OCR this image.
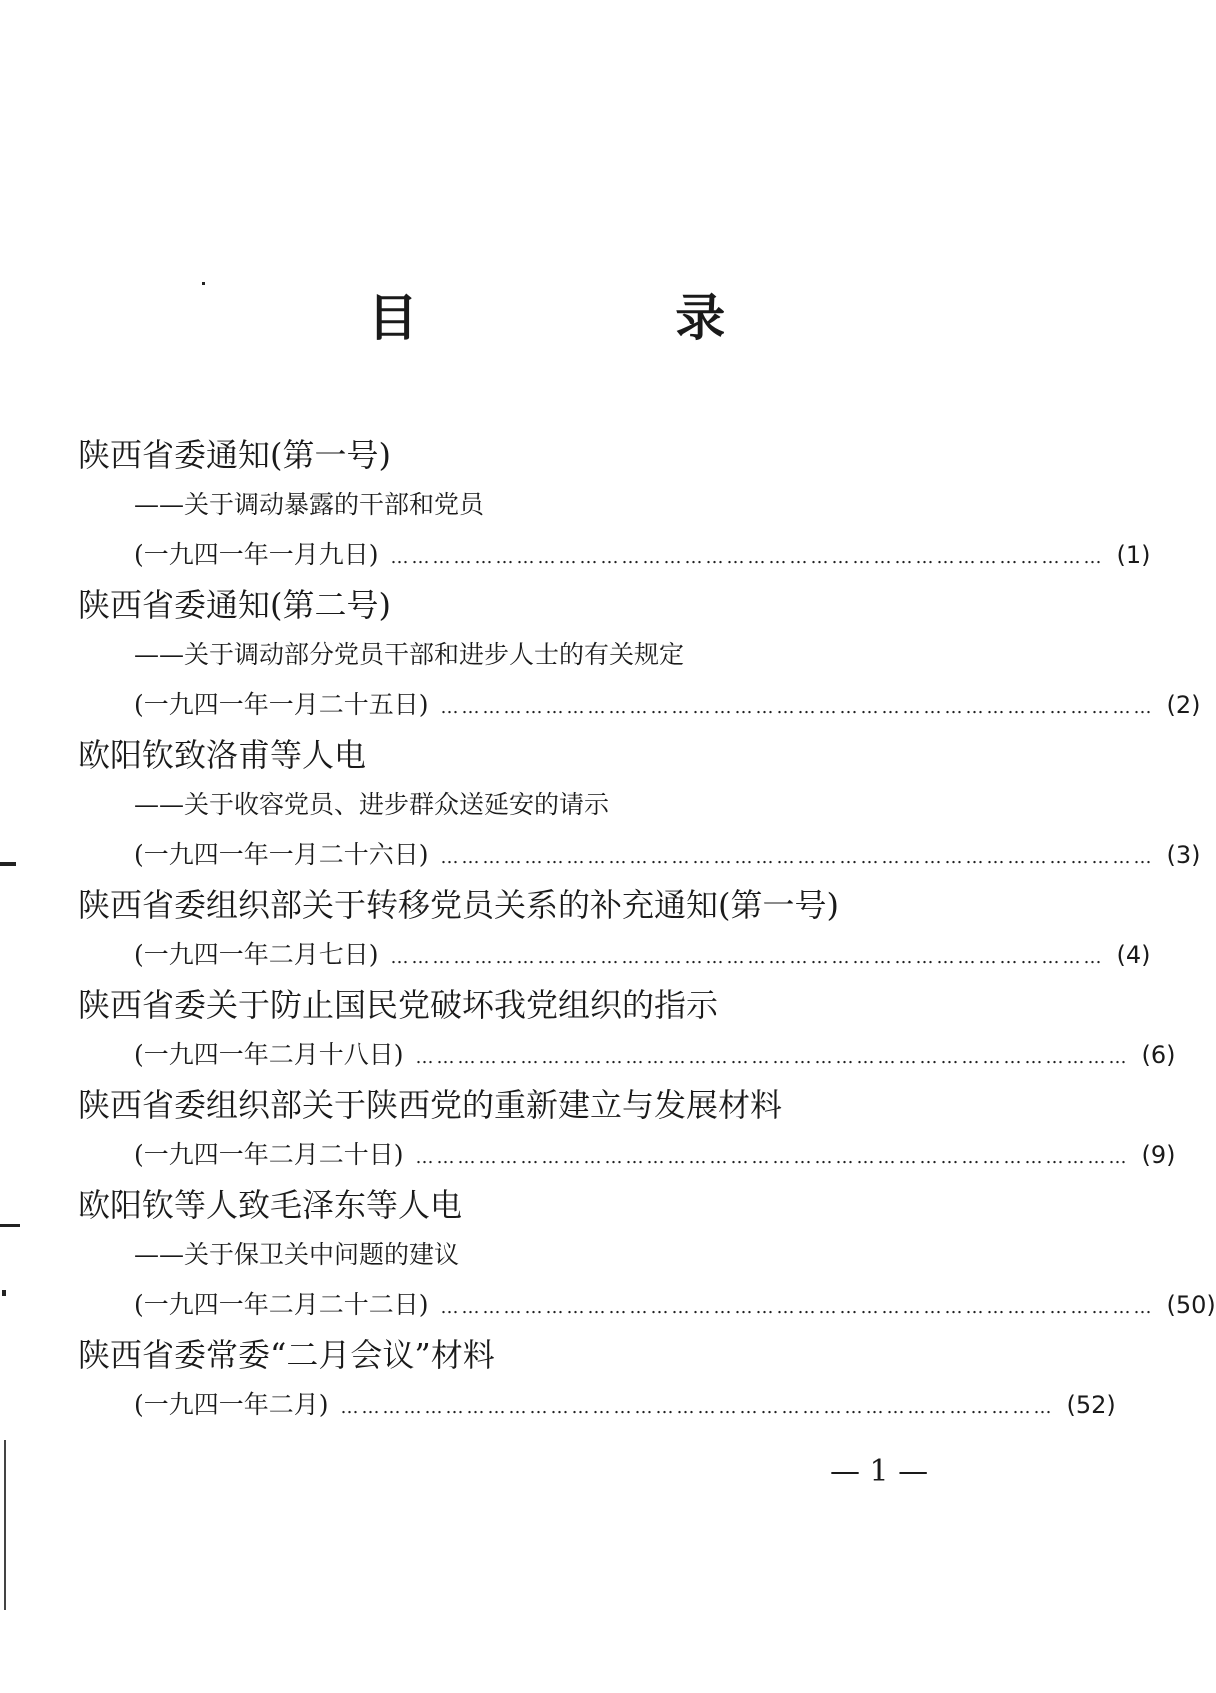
目 录
陕西省委通知(第一号)
——关于调动暴露的干部和党员
(一九四一年一月九日) ………………………………………………………………………………………… (1)
陕西省委通知(第二号)
——关于调动部分党员干部和进步人士的有关规定
(一九四一年一月二十五日) ………………………………………………………………………………………… (2)
欧阳钦致洛甫等人电
——关于收容党员、进步群众送延安的请示
(一九四一年一月二十六日) ………………………………………………………………………………………… (3)
陕西省委组织部关于转移党员关系的补充通知(第一号)
(一九四一年二月七日) ………………………………………………………………………………………… (4)
陕西省委关于防止国民党破坏我党组织的指示
(一九四一年二月十八日) ………………………………………………………………………………………… (6)
陕西省委组织部关于陕西党的重新建立与发展材料
(一九四一年二月二十日) ………………………………………………………………………………………… (9)
欧阳钦等人致毛泽东等人电
——关于保卫关中问题的建议
(一九四一年二月二十二日) ………………………………………………………………………………………… (50)
陕西省委常委“二月会议”材料
(一九四一年二月) ………………………………………………………………………………………… (52)
— 1 —
